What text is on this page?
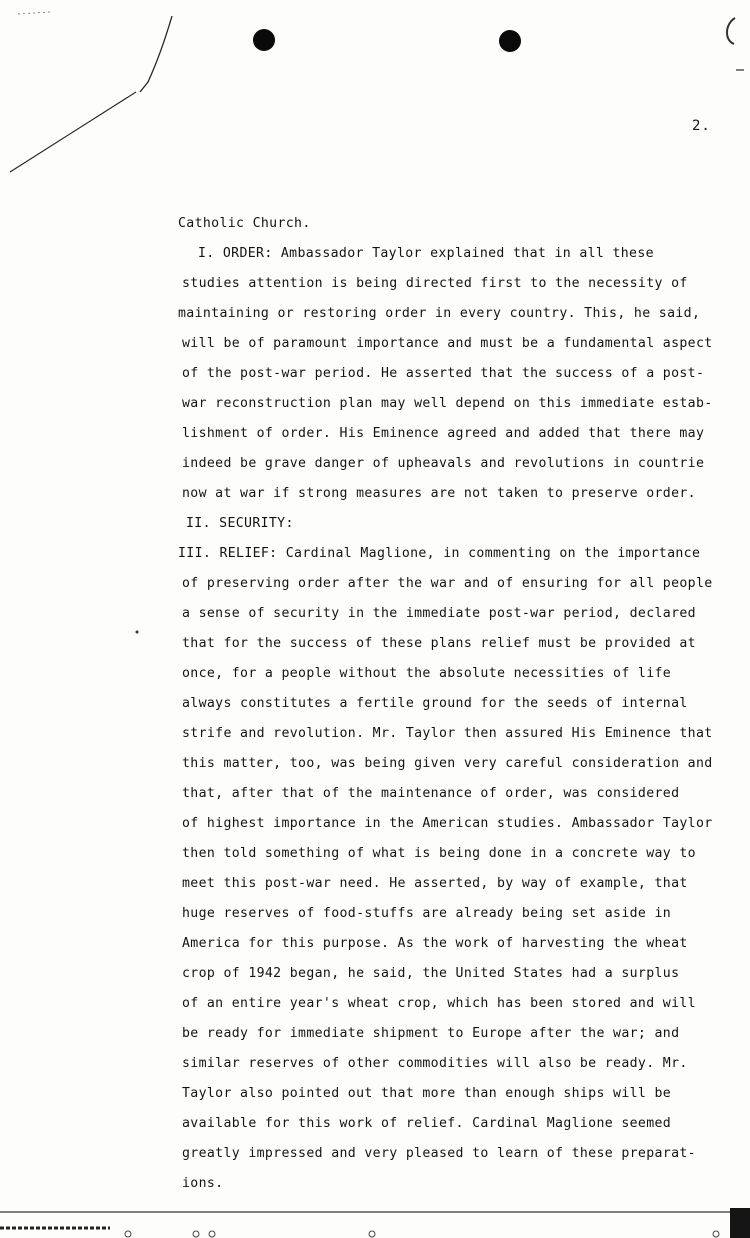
2.
Catholic Church.
I. ORDER: Ambassador Taylor explained that in all these
studies attention is being directed first to the necessity of
maintaining or restoring order in every country. This, he said,
will be of paramount importance and must be a fundamental aspect
of the post-war period. He asserted that the success of a post-
war reconstruction plan may well depend on this immediate estab-
lishment of order. His Eminence agreed and added that there may
indeed be grave danger of upheavals and revolutions in countrie
now at war if strong measures are not taken to preserve order.
II. SECURITY:
III. RELIEF: Cardinal Maglione, in commenting on the importance
of preserving order after the war and of ensuring for all people
a sense of security in the immediate post-war period, declared
that for the success of these plans relief must be provided at
once, for a people without the absolute necessities of life
always constitutes a fertile ground for the seeds of internal
strife and revolution. Mr. Taylor then assured His Eminence that
this matter, too, was being given very careful consideration and
that, after that of the maintenance of order, was considered
of highest importance in the American studies. Ambassador Taylor
then told something of what is being done in a concrete way to
meet this post-war need. He asserted, by way of example, that
huge reserves of food-stuffs are already being set aside in
America for this purpose. As the work of harvesting the wheat
crop of 1942 began, he said, the United States had a surplus
of an entire year's wheat crop, which has been stored and will
be ready for immediate shipment to Europe after the war; and
similar reserves of other commodities will also be ready. Mr.
Taylor also pointed out that more than enough ships will be
available for this work of relief. Cardinal Maglione seemed
greatly impressed and very pleased to learn of these preparat-
ions.
